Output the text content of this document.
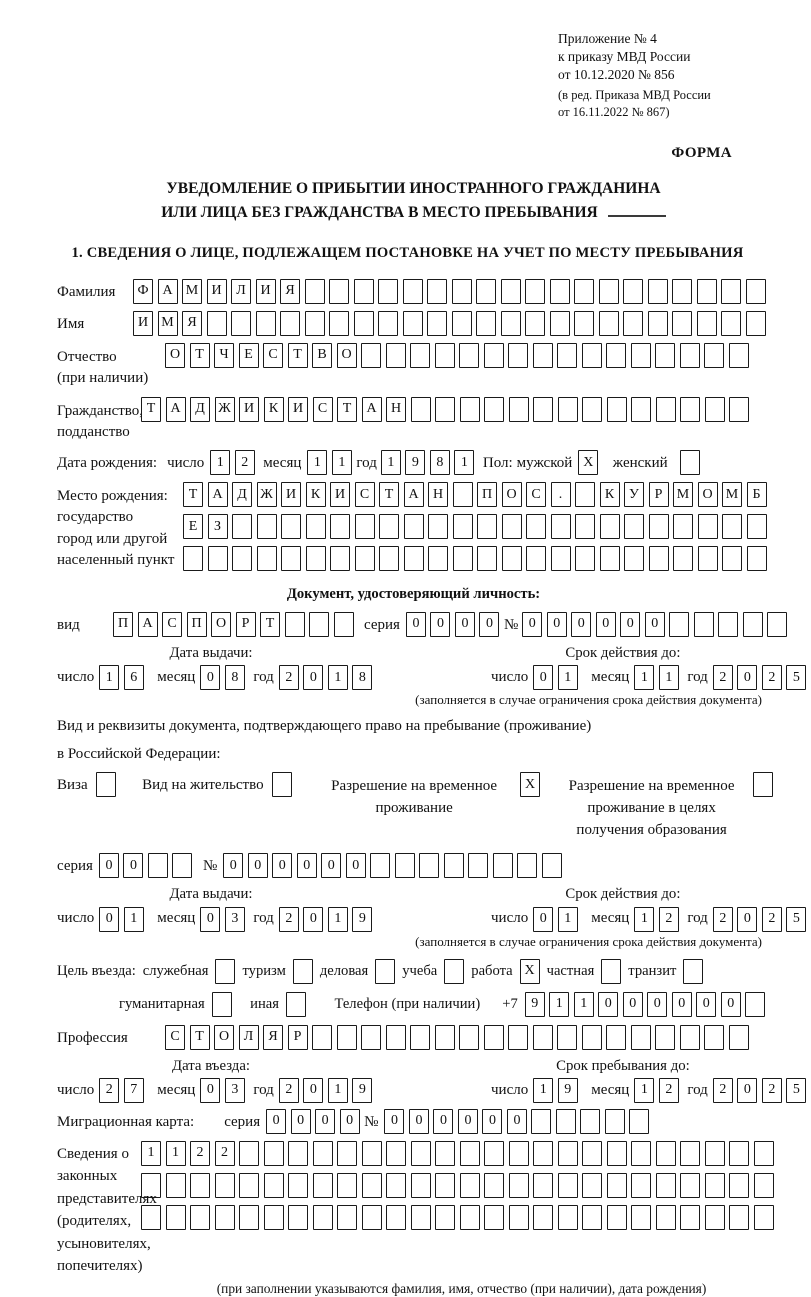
Приложение № 4
к приказу МВД России
от 10.12.2020 № 856
(в ред. Приказа МВД России
от 16.11.2022 № 867)
ФОРМА
УВЕДОМЛЕНИЕ О ПРИБЫТИИ ИНОСТРАННОГО ГРАЖДАНИНА
ИЛИ ЛИЦА БЕЗ ГРАЖДАНСТВА В МЕСТО ПРЕБЫВАНИЯ
1. СВЕДЕНИЯ О ЛИЦЕ, ПОДЛЕЖАЩЕМ ПОСТАНОВКЕ НА УЧЕТ ПО МЕСТУ ПРЕБЫВАНИЯ
Фамилия	Ф А М И	Л	И	Я
Имя	И М Я
Отчество
(при наличии)
О	Т	Ч	Е	С	Т	В	О
Гражданство,
подданство
Т	А	Д Ж И	К	И	С	Т	А	Н
Дата рождения: число 1	2	месяц 1	1 год 1	9	8	1	Пол: мужской X	женский
Место рождения:
государство
город или другой
населенный пункт
Т	А	Д Ж И	К	И	С	Т	А	Н	П	О	С	.	К	У	Р	М О М	Б
Е	З
Документ, удостоверяющий личность:
вид	П	А	С	П	О	Р	Т	серия 0	0	0	0 № 0	0	0	0	0	0
Дата выдачи:
число 1	6	месяц 0	8	год 2	0	1	8
Срок действия до:
число 0	1	месяц 1	1	год 2	0	2	5
(заполняется в случае ограничения срока действия документа)

Вид и реквизиты документа, подтверждающего право на пребывание (проживание)

в Российской Федерации:

Виза	Вид на жительство	Разрешение на временное проживание
X	Разрешение на временное проживание в целях получения образования
серия 0	0	№ 0	0	0	0	0	0
Дата выдачи:
число 0	1	месяц 0	3	год 2	0	1	9
Срок действия до:
число 0	1	месяц 1	2	год 2	0	2	5
(заполняется в случае ограничения срока действия документа)
Цель въезда: служебная туризм деловая учеба работа X частная транзит
гуманитарная	иная	Телефон (при наличии) +7 9	1	1	0	0	0	0	0	0
Профессия	С	Т	О	Л	Я	Р
Дата въезда:
число 2	7	месяц 0	3	год 2	0	1	9
Срок пребывания до:
число 1	9	месяц 1	2	год 2	0	2	5
Миграционная карта: серия 0	0	0	0 № 0	0	0	0	0	0
Сведения о
законных
представителях
(родителях,
усыновителях,
попечителях)
1	1	2	2
(при заполнении указываются фамилия, имя, отчество (при наличии), дата рождения)
